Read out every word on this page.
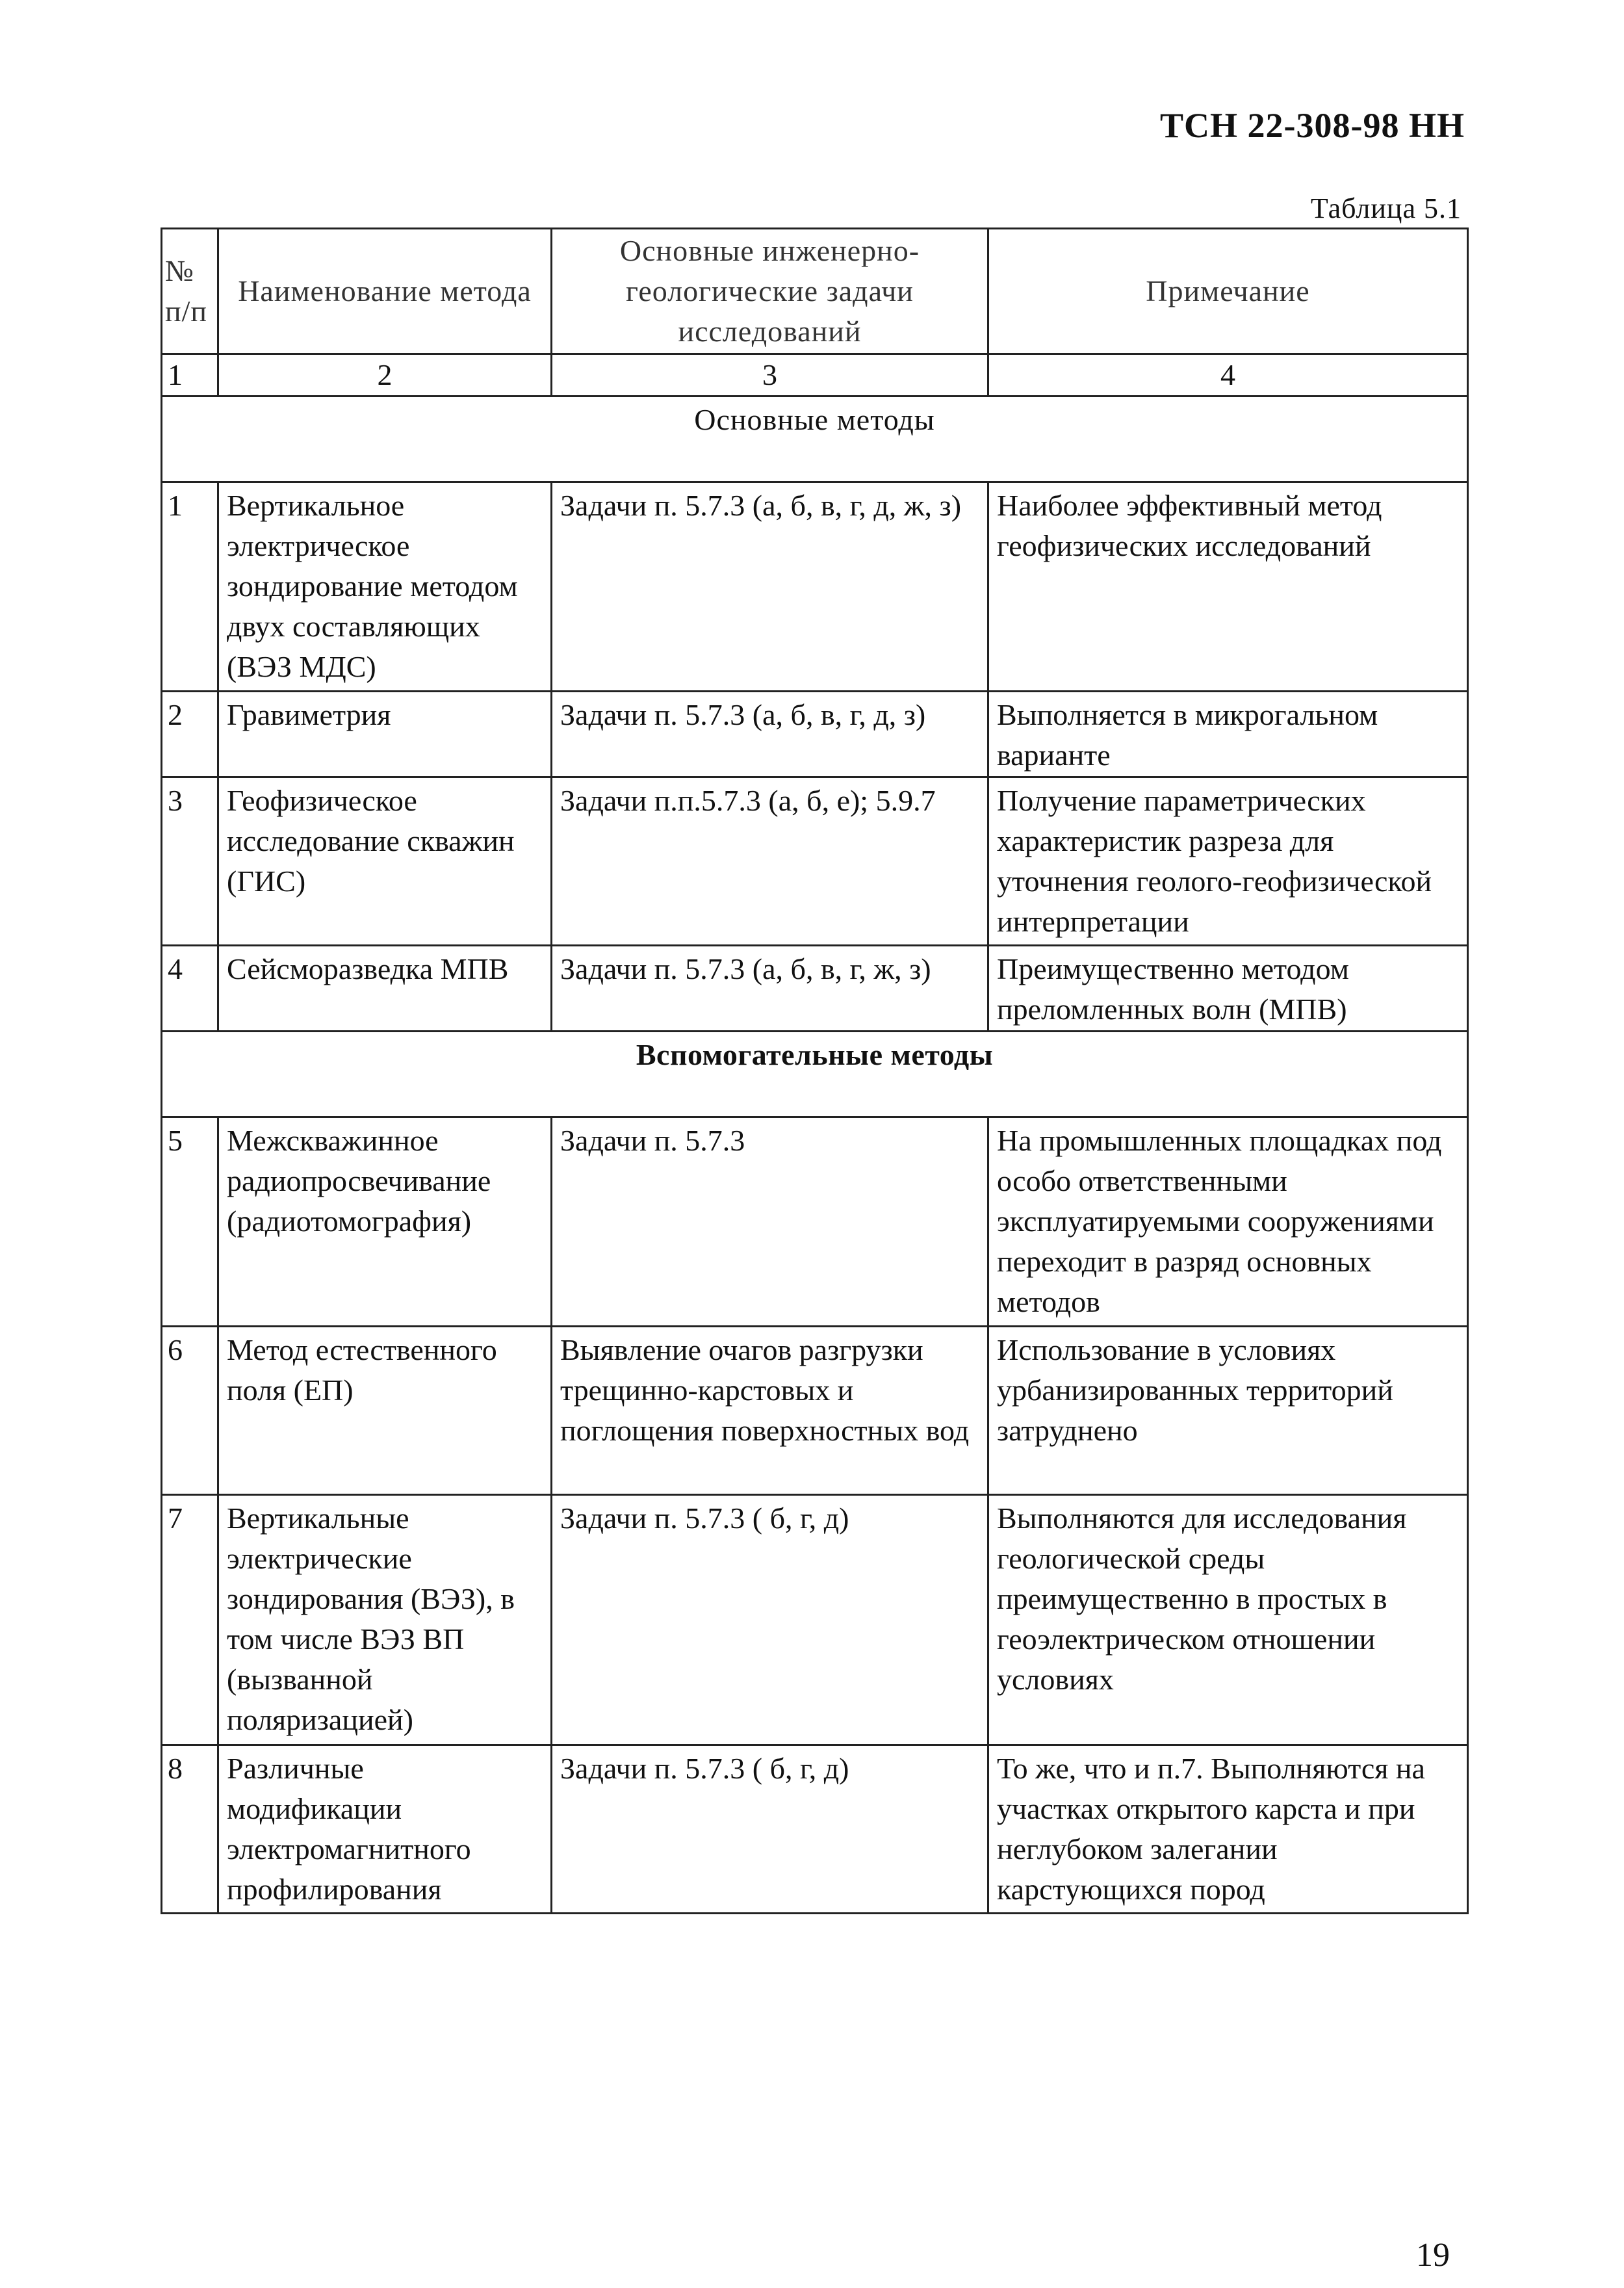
ТСН 22-308-98 НН
Таблица 5.1
№ п/п	Наименование метода	Основные инженерно-геологические задачи исследований	Примечание
1	2	3	4
Основные методы			
1	Вертикальное электрическое зондирование методом двух составляющих (ВЭЗ МДС)	Задачи п. 5.7.3 (а, б, в, г, д, ж, з)	Наиболее эффективный метод геофизических исследований
2	Гравиметрия	Задачи п. 5.7.3 (а, б, в, г, д, з)	Выполняется в микрогальном варианте
3	Геофизическое исследование скважин (ГИС)	Задачи п.п.5.7.3 (а, б, е); 5.9.7	Получение параметрических характеристик разреза для уточнения геолого-геофизической интерпретации
4	Сейсморазведка МПВ	Задачи п. 5.7.3 (а, б, в, г, ж, з)	Преимущественно методом преломленных волн (МПВ)
Вспомогательные методы			
5	Межскважинное радиопросвечивание (радиотомография)	Задачи п. 5.7.3	На промышленных площадках под особо ответственными эксплуатируемыми сооружениями переходит в разряд основных методов
6	Метод естественного поля (ЕП)	Выявление очагов разгрузки трещинно-карстовых и поглощения поверхностных вод	Использование в условиях урбанизированных территорий затруднено
7	Вертикальные электрические зондирования (ВЭЗ), в том числе ВЭЗ ВП (вызванной поляризацией)	Задачи п. 5.7.3 ( б, г, д)	Выполняются для исследования геологической среды преимущественно в простых в геоэлектрическом отношении условиях
8	Различные модификации электромагнитного профилирования	Задачи п. 5.7.3 ( б, г, д)	То же, что и п.7. Выполняются на участках открытого карста и при неглубоком залегании карстующихся пород
19
